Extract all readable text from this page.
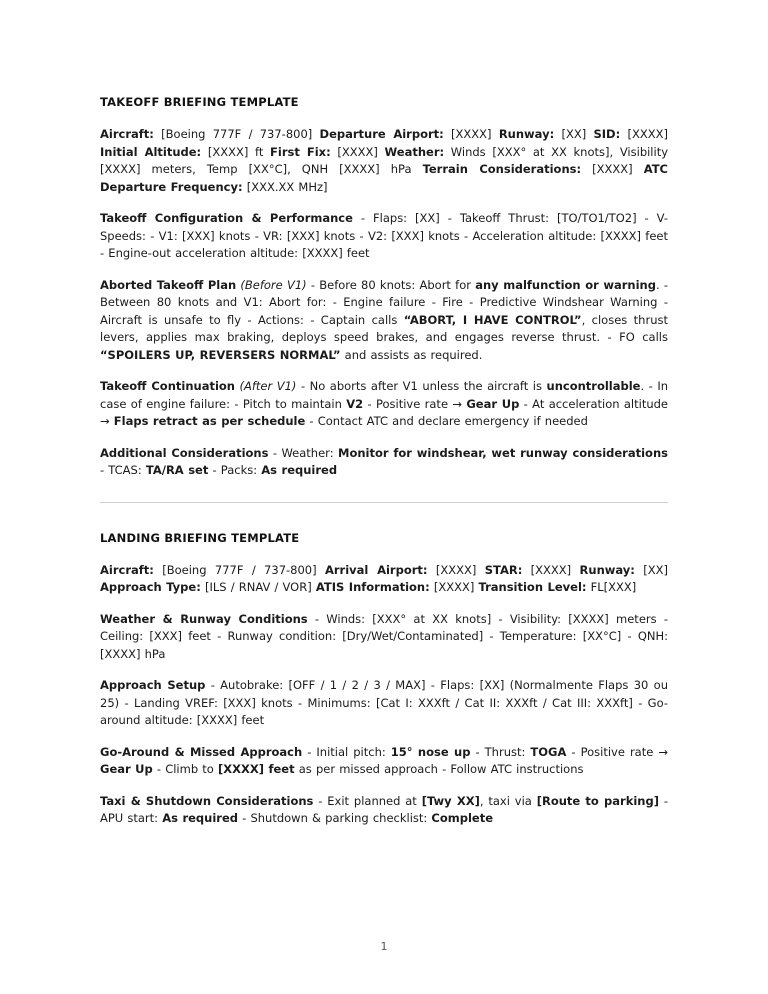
TAKEOFF BRIEFING TEMPLATE

Aircraft: [Boeing 777F / 737-800] Departure Airport: [XXXX] Runway: [XX] SID: [XXXX] Initial Altitude: [XXXX] ft First Fix: [XXXX] Weather: Winds [XXX° at XX knots], Visibility [XXXX] meters, Temp [XX°C], QNH [XXXX] hPa Terrain Considerations: [XXXX] ATC Departure Frequency: [XXX.XX MHz]

Takeoff Configuration & Performance - Flaps: [XX] - Takeoff Thrust: [TO/TO1/TO2] - V-Speeds: - V1: [XXX] knots - VR: [XXX] knots - V2: [XXX] knots - Acceleration altitude: [XXXX] feet - Engine-out acceleration altitude: [XXXX] feet

Aborted Takeoff Plan (Before V1) - Before 80 knots: Abort for any malfunction or warning. - Between 80 knots and V1: Abort for: - Engine failure - Fire - Predictive Windshear Warning - Aircraft is unsafe to fly - Actions: - Captain calls “ABORT, I HAVE CONTROL”, closes thrust levers, applies max braking, deploys speed brakes, and engages reverse thrust. - FO calls “SPOILERS UP, REVERSERS NORMAL” and assists as required.

Takeoff Continuation (After V1) - No aborts after V1 unless the aircraft is uncontrollable. - In case of engine failure: - Pitch to maintain V2 - Positive rate → Gear Up - At acceleration altitude → Flaps retract as per schedule - Contact ATC and declare emergency if needed

Additional Considerations - Weather: Monitor for windshear, wet runway considerations - TCAS: TA/RA set - Packs: As required

LANDING BRIEFING TEMPLATE

Aircraft: [Boeing 777F / 737-800] Arrival Airport: [XXXX] STAR: [XXXX] Runway: [XX] Approach Type: [ILS / RNAV / VOR] ATIS Information: [XXXX] Transition Level: FL[XXX]

Weather & Runway Conditions - Winds: [XXX° at XX knots] - Visibility: [XXXX] meters - Ceiling: [XXX] feet - Runway condition: [Dry/Wet/Contaminated] - Temperature: [XX°C] - QNH: [XXXX] hPa

Approach Setup - Autobrake: [OFF / 1 / 2 / 3 / MAX] - Flaps: [XX] (Normalmente Flaps 30 ou 25) - Landing VREF: [XXX] knots - Minimums: [Cat I: XXXft / Cat II: XXXft / Cat III: XXXft] - Go-around altitude: [XXXX] feet

Go-Around & Missed Approach - Initial pitch: 15° nose up - Thrust: TOGA - Positive rate → Gear Up - Climb to [XXXX] feet as per missed approach - Follow ATC instructions

Taxi & Shutdown Considerations - Exit planned at [Twy XX], taxi via [Route to parking] - APU start: As required - Shutdown & parking checklist: Complete

1
